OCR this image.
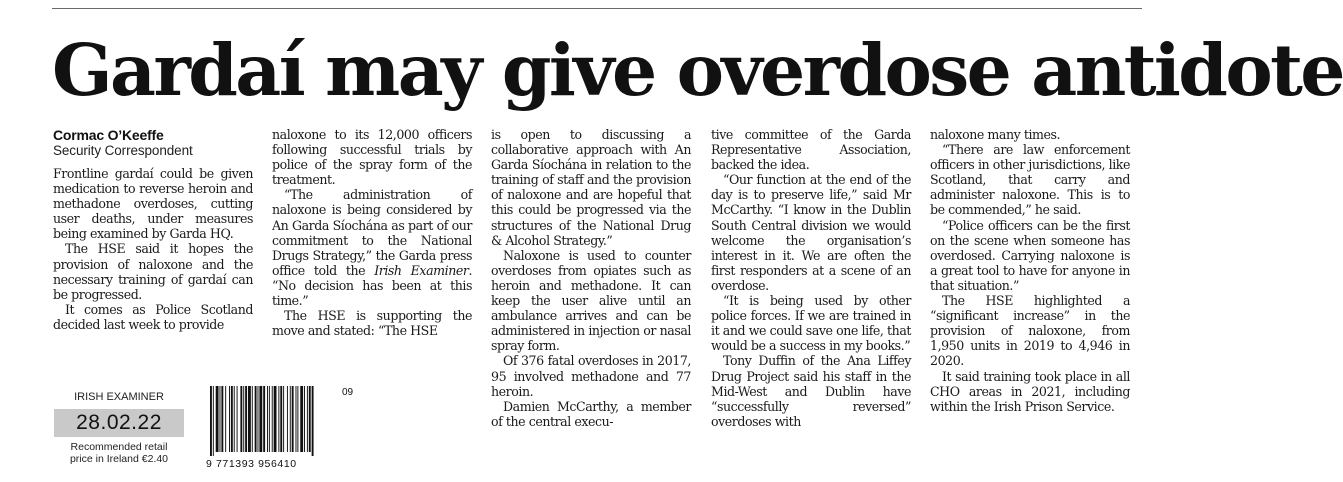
Gardaí may give overdose antidote
Cormac O’Keeffe
Security Correspondent

Frontline gardaí could be given medication to reverse heroin and methadone overdoses, cutting user deaths, under measures being examined by Garda HQ.

The HSE said it hopes the provision of naloxone and the necessary training of gardaí can be progressed.

It comes as Police Scotland decided last week to provide

naloxone to its 12,000 officers following successful trials by police of the spray form of the treatment.

“The administration of naloxone is being considered by An Garda Síochána as part of our commitment to the National Drugs Strategy,” the Garda press office told the Irish Examiner. “No decision has been at this time.”

The HSE is supporting the move and stated: “The HSE

is open to discussing a collaborative approach with An Garda Síochána in relation to the training of staff and the provision of naloxone and are hopeful that this could be progressed via the structures of the National Drug & Alcohol Strategy.”

Naloxone is used to counter overdoses from opiates such as heroin and methadone. It can keep the user alive until an ambulance arrives and can be administered in injection or nasal spray form.

Of 376 fatal overdoses in 2017, 95 involved methadone and 77 heroin.

Damien McCarthy, a member of the central execu-

tive committee of the Garda Representative Association, backed the idea.

“Our function at the end of the day is to preserve life,” said Mr McCarthy. “I know in the Dublin South Central division we would welcome the organisation’s interest in it. We are often the first responders at a scene of an overdose.

“It is being used by other police forces. If we are trained in it and we could save one life, that would be a success in my books.”

Tony Duffin of the Ana Liffey Drug Project said his staff in the Mid-West and Dublin have “successfully reversed” overdoses with

naloxone many times.

“There are law enforcement officers in other jurisdictions, like Scotland, that carry and administer naloxone. This is to be commended,” he said.

“Police officers can be the first on the scene when someone has overdosed. Carrying naloxone is a great tool to have for anyone in that situation.”

The HSE highlighted a “significant increase” in the provision of naloxone, from 1,950 units in 2019 to 4,946 in 2020.

It said training took place in all CHO areas in 2021, including within the Irish Prison Service.

IRISH EXAMINER
28.02.22
Recommended retail
price in Ireland €2.40
09
9 771393 956410
